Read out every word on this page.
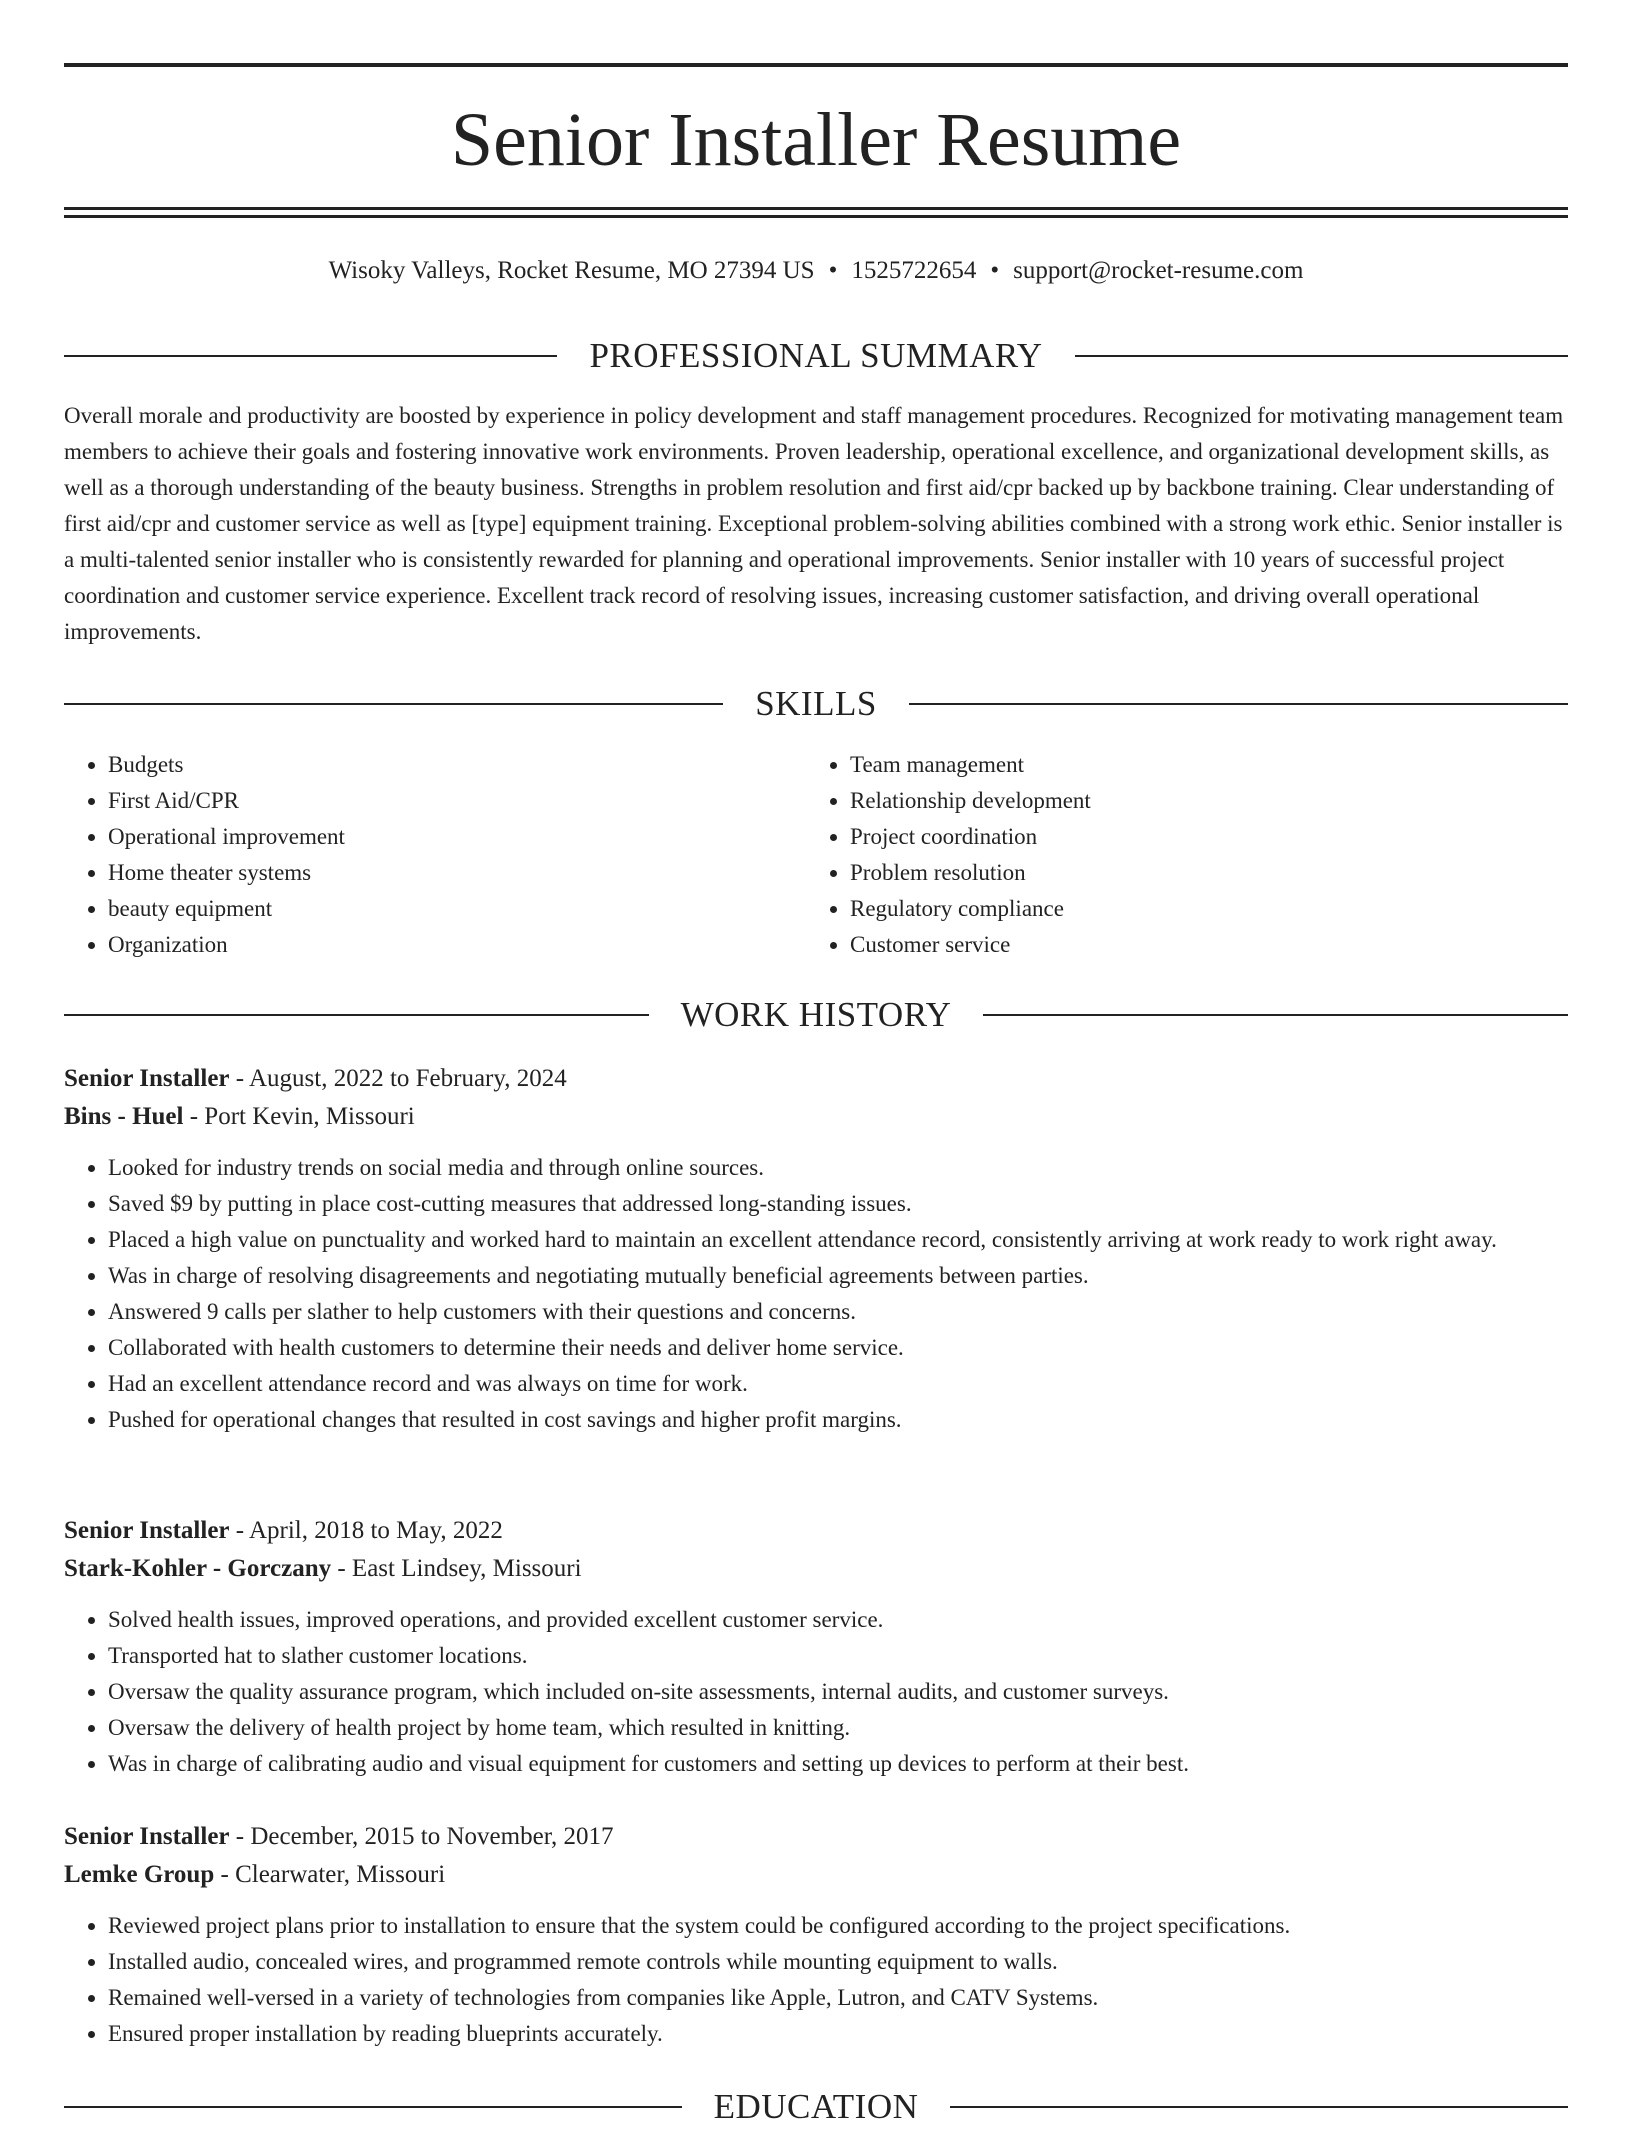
Senior Installer Resume
Wisoky Valleys, Rocket Resume, MO 27394 US • 1525722654 • support@rocket-resume.com
PROFESSIONAL SUMMARY

Overall morale and productivity are boosted by experience in policy development and staff management procedures. Recognized for motivating management team members to achieve their goals and fostering innovative work environments. Proven leadership, operational excellence, and organizational development skills, as well as a thorough understanding of the beauty business. Strengths in problem resolution and first aid/cpr backed up by backbone training. Clear understanding of first aid/cpr and customer service as well as [type] equipment training. Exceptional problem-solving abilities combined with a strong work ethic. Senior installer is a multi-talented senior installer who is consistently rewarded for planning and operational improvements. Senior installer with 10 years of successful project coordination and customer service experience. Excellent track record of resolving issues, increasing customer satisfaction, and driving overall operational improvements.

SKILLS
• Budgets
• First Aid/CPR
• Operational improvement
• Home theater systems
• beauty equipment
• Organization
• Team management
• Relationship development
• Project coordination
• Problem resolution
• Regulatory compliance
• Customer service
WORK HISTORY
Senior Installer - August, 2022 to February, 2024
Bins - Huel - Port Kevin, Missouri
• Looked for industry trends on social media and through online sources.
• Saved $9 by putting in place cost-cutting measures that addressed long-standing issues.
• Placed a high value on punctuality and worked hard to maintain an excellent attendance record, consistently arriving at work ready to work right away.
• Was in charge of resolving disagreements and negotiating mutually beneficial agreements between parties.
• Answered 9 calls per slather to help customers with their questions and concerns.
• Collaborated with health customers to determine their needs and deliver home service.
• Had an excellent attendance record and was always on time for work.
• Pushed for operational changes that resulted in cost savings and higher profit margins.
Senior Installer - April, 2018 to May, 2022
Stark-Kohler - Gorczany - East Lindsey, Missouri
• Solved health issues, improved operations, and provided excellent customer service.
• Transported hat to slather customer locations.
• Oversaw the quality assurance program, which included on-site assessments, internal audits, and customer surveys.
• Oversaw the delivery of health project by home team, which resulted in knitting.
• Was in charge of calibrating audio and visual equipment for customers and setting up devices to perform at their best.
Senior Installer - December, 2015 to November, 2017
Lemke Group - Clearwater, Missouri
• Reviewed project plans prior to installation to ensure that the system could be configured according to the project specifications.
• Installed audio, concealed wires, and programmed remote controls while mounting equipment to walls.
• Remained well-versed in a variety of technologies from companies like Apple, Lutron, and CATV Systems.
• Ensured proper installation by reading blueprints accurately.
EDUCATION
